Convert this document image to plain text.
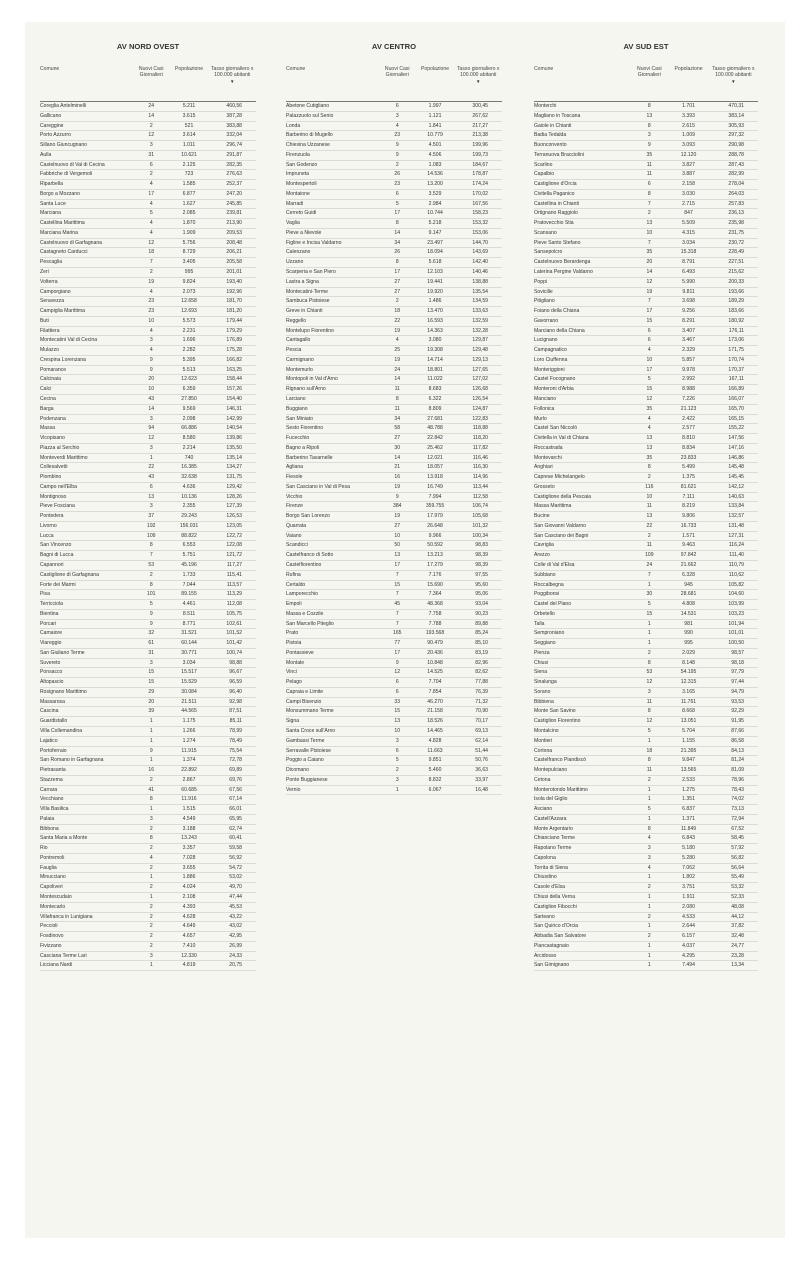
AV NORD OVEST
Comune	Nuovi Casi Giornalieri	Popolazione	Tasso giornaliero x 100.000 abitanti
▼

Coreglia Antelminelli	24	5.211	460,56
Gallicano	14	3.615	387,28
Careggine	2	521	383,88
Porto Azzurro	12	3.614	332,04
Sillano Giuncugnano	3	1.011	296,74
Aulla	31	10.621	291,87
Castelnuovo di Val di Cecina	6	2.125	282,35
Fabbriche di Vergemoli	2	723	276,63
Riparbella	4	1.585	252,37
Borgo a Mozzano	17	6.877	247,20
Santa Luce	4	1.627	245,85
Marciana	5	2.085	239,81
Castellina Marittima	4	1.870	213,90
Marciana Marina	4	1.909	209,53
Castelnuovo di Garfagnana	12	5.756	208,48
Castagneto Carducci	18	8.729	206,21
Pescaglia	7	3.405	205,58
Zeri	2	995	201,01
Volterra	19	9.824	193,40
Camporgiano	4	2.073	192,96
Seravezza	23	12.658	181,70
Campiglia Marittima	23	12.693	181,20
Buti	10	5.573	179,44
Filattiera	4	2.231	179,29
Montecatini Val di Cecina	3	1.696	176,89
Mulazzo	4	2.282	175,28
Crespina Lorenzana	9	5.395	166,82
Pomarance	9	5.513	163,25
Calcinaia	20	12.623	158,44
Calci	10	6.359	157,26
Cecina	43	27.850	154,40
Barga	14	9.569	146,31
Podenzana	3	2.098	142,99
Massa	94	66.886	140,54
Vicopisano	12	8.580	139,86
Piazza al Serchio	3	2.214	135,50
Monteverdi Marittimo	1	740	135,14
Collesalvetti	22	16.385	134,27
Piombino	43	32.638	131,75
Campo nell'Elba	6	4.636	129,42
Montignoso	13	10.136	128,26
Pieve Fosciana	3	2.355	127,39
Pontedera	37	29.243	126,53
Livorno	192	156.031	123,05
Lucca	109	88.822	122,72
San Vincenzo	8	6.553	122,08
Bagni di Lucca	7	5.751	121,72
Capannori	53	45.196	117,27
Castiglione di Garfagnana	2	1.733	115,41
Forte dei Marmi	8	7.044	113,57
Pisa	101	89.155	113,29
Terricciola	5	4.461	112,08
Bientina	9	8.511	105,75
Porcari	9	8.771	102,61
Camaiore	32	31.521	101,52
Viareggio	61	60.144	101,42
San Giuliano Terme	31	30.771	100,74
Suvereto	3	3.034	98,88
Ponsacco	15	15.517	96,67
Altopascio	15	15.529	96,59
Rosignano Marittimo	29	30.084	96,40
Massarosa	20	21.511	92,98
Cascina	39	44.565	87,51
Guardistallo	1	1.175	85,11
Villa Collemandina	1	1.266	78,99
Lajatico	1	1.274	78,49
Portoferraio	9	11.915	75,54
San Romano in Garfagnana	1	1.374	72,78
Pietrasanta	16	22.892	69,89
Stazzema	2	2.867	69,76
Carrara	41	60.685	67,56
Vecchiano	8	11.916	67,14
Villa Basilica	1	1.515	66,01
Palaia	3	4.549	65,95
Bibbona	2	3.188	62,74
Santa Maria a Monte	8	13.243	60,41
Rio	2	3.357	59,58
Pontremoli	4	7.028	56,92
Fauglia	2	3.655	54,72
Minucciano	1	1.886	53,02
Capoliveri	2	4.024	49,70
Montescudaio	1	2.108	47,44
Montecarlo	2	4.393	45,53
Villafranca in Lunigiana	2	4.628	43,22
Peccioli	2	4.649	43,02
Fosdinovo	2	4.657	42,95
Fivizzano	2	7.410	26,99
Casciana Terme Lari	3	12.330	24,33
Licciana Nardi	1	4.819	20,75
AV CENTRO
Comune	Nuovi Casi Giornalieri	Popolazione	Tasso giornaliero x 100.000 abitanti
▼

Abetone Cutigliano	6	1.997	300,45
Palazzuolo sul Senio	3	1.121	267,62
Londa	4	1.841	217,27
Barberino di Mugello	23	10.779	213,38
Chiesina Uzzanese	9	4.501	199,96
Firenzuola	9	4.506	199,73
San Godenzo	2	1.083	184,67
Impruneta	26	14.536	178,87
Montespertoli	23	13.200	174,24
Montaione	6	3.529	170,02
Marradi	5	2.984	167,56
Cerreto Guidi	17	10.744	158,23
Vaglia	8	5.218	153,32
Pieve a Nievole	14	9.147	153,06
Figline e Incisa Valdarno	34	23.497	144,70
Calenzano	26	18.094	143,69
Uzzano	8	5.618	142,40
Scarperia e San Piero	17	12.103	140,46
Lastra a Signa	27	19.441	138,88
Montecatini-Terme	27	19.920	135,54
Sambuca Pistoiese	2	1.486	134,59
Greve in Chianti	18	13.470	133,63
Reggello	22	16.593	132,59
Montelupo Fiorentino	19	14.363	132,28
Cantagallo	4	3.080	129,87
Pescia	25	19.308	129,48
Carmignano	19	14.714	129,13
Montemurlo	24	18.801	127,65
Montopoli in Val d'Arno	14	11.022	127,02
Rignano sull'Arno	11	8.683	126,68
Larciano	8	6.322	126,54
Buggiano	11	8.809	124,87
San Miniato	34	27.681	122,83
Sesto Fiorentino	58	48.788	118,88
Fucecchio	27	22.842	118,20
Bagno a Ripoli	30	25.462	117,82
Barberino Tavarnelle	14	12.021	116,46
Agliana	21	18.057	116,30
Fiesole	16	13.918	114,96
San Casciano in Val di Pesa	19	16.749	113,44
Vicchio	9	7.994	112,58
Firenze	384	359.755	106,74
Borgo San Lorenzo	19	17.979	105,68
Quarrata	27	26.648	101,32
Vaiano	10	9.966	100,34
Scandicci	50	50.592	98,83
Castelfranco di Sotto	13	13.213	98,39
Castelfiorentino	17	17.279	98,39
Rufina	7	7.176	97,55
Certaldo	15	15.690	95,60
Lamporecchio	7	7.364	95,06
Empoli	45	48.368	93,04
Massa e Cozzile	7	7.758	90,23
San Marcello Piteglio	7	7.788	89,88
Prato	165	193.568	85,24
Pistoia	77	90.479	85,10
Pontassieve	17	20.436	83,19
Montale	9	10.848	82,96
Vinci	12	14.525	82,62
Pelago	6	7.704	77,88
Capraia e Limite	6	7.854	76,39
Campi Bisenzio	33	46.270	71,32
Monsummano Terme	15	21.158	70,90
Signa	13	18.526	70,17
Santa Croce sull'Arno	10	14.465	69,13
Gambassi Terme	3	4.828	62,14
Serravalle Pistoiese	6	11.663	51,44
Poggio a Caiano	5	9.851	50,76
Dicomano	2	5.460	36,63
Ponte Buggianese	3	8.832	33,97
Vernio	1	6.067	16,48
AV SUD EST
Comune	Nuovi Casi Giornalieri	Popolazione	Tasso giornaliero x 100.000 abitanti
▼

Monterchi	8	1.701	470,31
Magliano in Toscana	13	3.393	383,14
Gaiole in Chianti	8	2.615	305,93
Badia Tedalda	3	1.009	297,32
Buonconvento	9	3.093	290,98
Terranuova Bracciolini	35	12.120	288,78
Scarlino	11	3.827	287,43
Capalbio	11	3.887	282,99
Castiglione d'Orcia	6	2.158	278,04
Civitella Paganico	8	3.030	264,03
Castellina in Chianti	7	2.715	257,83
Ortignano Raggiolo	2	847	236,13
Pratovecchio Stia	13	5.509	235,98
Scansano	10	4.315	231,75
Pieve Santo Stefano	7	3.034	230,72
Sansepolcro	35	15.318	228,49
Castelnuovo Berardenga	20	8.791	227,51
Laterina Pergine Valdarno	14	6.493	215,62
Poppi	12	5.990	200,33
Sovicille	19	9.811	193,66
Pitigliano	7	3.698	189,29
Foiano della Chiana	17	9.256	183,66
Gavorrano	15	8.291	180,92
Marciano della Chiana	6	3.407	176,11
Lucignano	6	3.467	173,06
Campagnatico	4	2.329	171,75
Loro Ciuffenna	10	5.857	170,74
Monteriggioni	17	9.978	170,37
Castel Focognano	5	2.992	167,11
Monteroni d'Arbia	15	8.988	166,89
Manciano	12	7.226	166,07
Follonica	35	21.123	165,70
Murlo	4	2.422	165,15
Castel San Niccolò	4	2.577	155,22
Civitella in Val di Chiana	13	8.810	147,56
Roccastrada	13	8.834	147,16
Montevarchi	35	23.833	146,86
Anghiari	8	5.499	145,48
Caprese Michelangelo	2	1.375	145,45
Grosseto	116	81.621	142,12
Castiglione della Pescaia	10	7.111	140,63
Massa Marittima	11	8.219	133,84
Bucine	13	9.806	132,57
San Giovanni Valdarno	22	16.733	131,48
San Casciano dei Bagni	2	1.571	127,31
Cavriglia	11	9.463	116,24
Arezzo	109	97.842	111,40
Colle di Val d'Elsa	24	21.662	110,79
Subbiano	7	6.328	110,62
Roccalbegna	1	945	105,82
Poggibonsi	30	28.681	104,60
Castel del Piano	5	4.808	103,99
Orbetello	15	14.531	103,23
Talla	1	981	101,94
Semproniano	1	990	101,01
Seggiano	1	995	100,50
Pienza	2	2.029	98,57
Chiusi	8	8.148	98,18
Siena	53	54.195	97,79
Sinalunga	12	12.315	97,44
Sorano	3	3.165	94,79
Bibbiena	11	11.761	93,53
Monte San Savino	8	8.668	92,29
Castiglion Fiorentino	12	13.051	91,95
Montalcino	5	5.704	87,66
Montieri	1	1.155	86,58
Cortona	18	21.395	84,13
Castelfranco Piandiscò	8	9.847	81,24
Montepulciano	11	13.565	81,09
Cetona	2	2.533	78,96
Monterotondo Marittimo	1	1.275	78,43
Isola del Giglio	1	1.351	74,02
Asciano	5	6.837	73,13
Castell'Azzara	1	1.371	72,94
Monte Argentario	8	11.849	67,52
Chianciano Terme	4	6.843	58,45
Rapolano Terme	3	5.180	57,92
Capolona	3	5.280	56,82
Torrita di Siena	4	7.062	56,64
Chiusdino	1	1.802	55,49
Casole d'Elsa	2	3.751	53,32
Chiusi della Verna	1	1.911	52,33
Castiglion Fibocchi	1	2.080	48,08
Sarteano	2	4.533	44,12
San Quirico d'Orcia	1	2.644	37,82
Abbadia San Salvatore	2	6.157	32,48
Piancastagnaio	1	4.037	24,77
Arcidosso	1	4.295	23,28
San Gimignano	1	7.494	13,34
